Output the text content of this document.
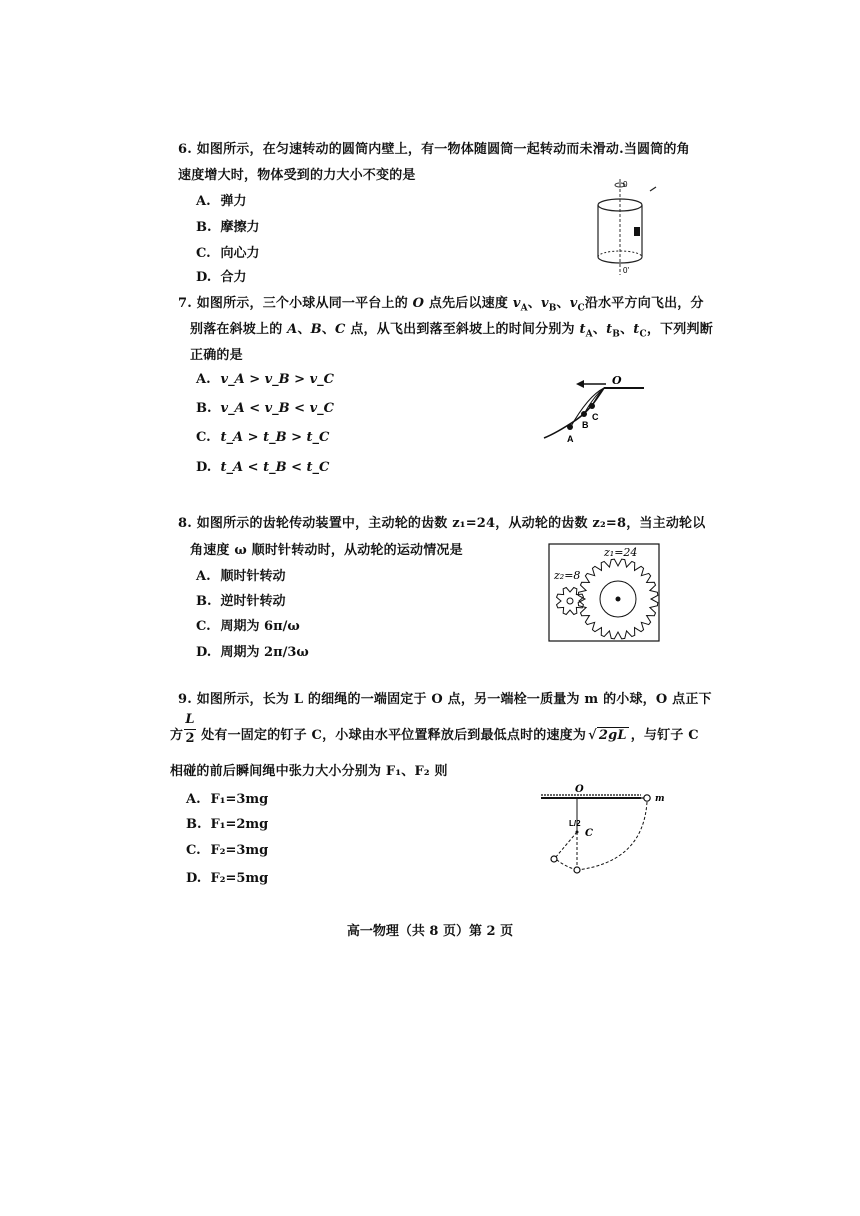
6. 如图所示，在匀速转动的圆筒内壁上，有一物体随圆筒一起转动而未滑动.当圆筒的角
速度增大时，物体受到的力大小不变的是
A. 弹力
B. 摩擦力
C. 向心力
D. 合力
0
0'
7. 如图所示，三个小球从同一平台上的 O 点先后以速度 $v_A$、$v_B$、$v_C$沿水平方向飞出，分
别落在斜坡上的 A、B、C 点，从飞出到落至斜坡上的时间分别为 $t_A$、$t_B$、$t_C$，下列判断
正确的是
A. v_A > v_B > v_C
B. v_A < v_B < v_C
C. t_A > t_B > t_C
D. t_A < t_B < t_C
O
A
B
C
8. 如图所示的齿轮传动装置中，主动轮的齿数 z₁=24，从动轮的齿数 z₂=8，当主动轮以
角速度 ω 顺时针转动时，从动轮的运动情况是
A. 顺时针转动
B. 逆时针转动
C. 周期为 6π/ω
D. 周期为 2π/3ω
z₁=24
z₂=8
9. 如图所示，长为 L 的细绳的一端固定于 O 点，另一端栓一质量为 m 的小球，O 点正下
方 处有一固定的钉子 C，小球由水平位置释放后到最低点时的速度为 √ 2gL ，与钉子 C
L
2
相碰的前后瞬间绳中张力大小分别为 F₁、F₂ 则
A. F₁=3mg
B. F₁=2mg
C. F₂=3mg
D. F₂=5mg
O
m
L/2
C
高一物理（共 8 页）第 2 页
